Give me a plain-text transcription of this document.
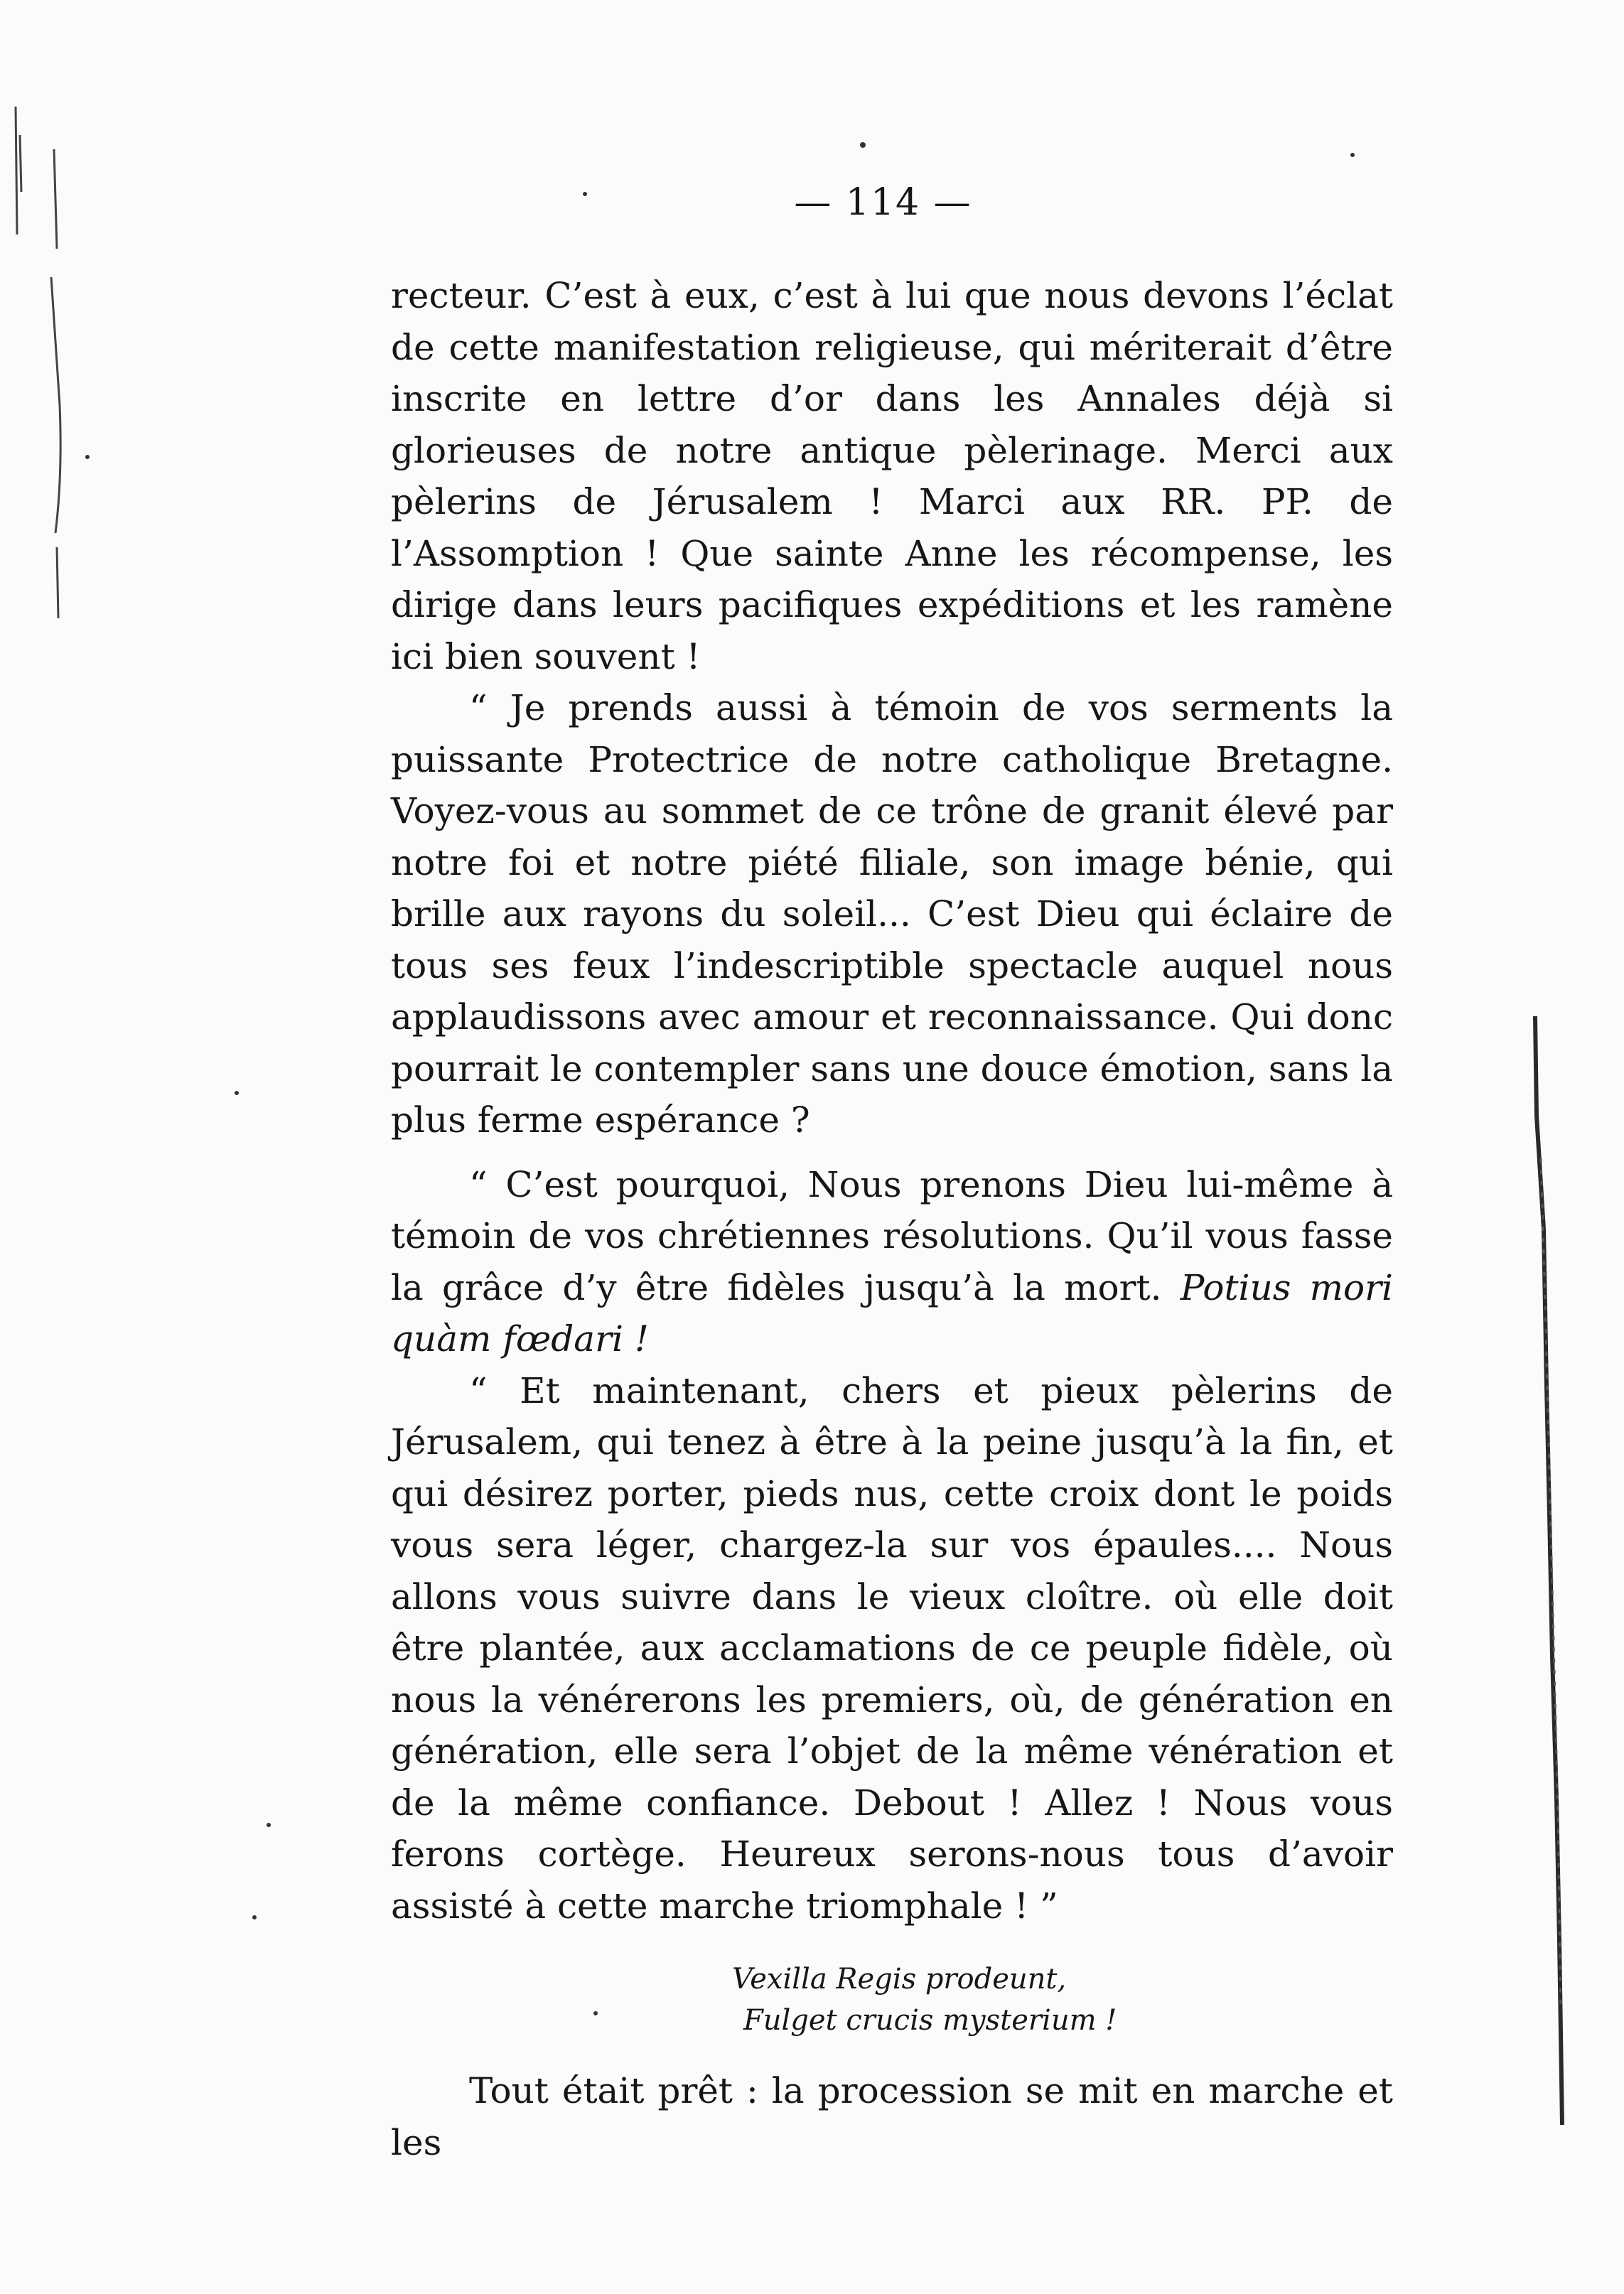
— 114 —

recteur. C’est à eux, c’est à lui que nous devons l’éclat de cette manifestation religieuse, qui mériterait d’être inscrite en lettre d’or dans les Annales déjà si glorieuses de notre antique pèlerinage. Merci aux pèlerins de Jérusalem ! Marci aux RR. PP. de l’Assomption ! Que sainte Anne les récompense, les dirige dans leurs pacifiques expéditions et les ramène ici bien souvent !

“ Je prends aussi à témoin de vos serments la puissante Protectrice de notre catholique Bretagne. Voyez-vous au sommet de ce trône de granit élevé par notre foi et notre piété filiale, son image bénie, qui brille aux rayons du soleil... C’est Dieu qui éclaire de tous ses feux l’indescriptible spectacle auquel nous applaudissons avec amour et reconnaissance. Qui donc pourrait le contempler sans une douce émotion, sans la plus ferme espérance ?

“ C’est pourquoi, Nous prenons Dieu lui-même à témoin de vos chrétiennes résolutions. Qu’il vous fasse la grâce d’y être fidèles jusqu’à la mort. Potius mori quàm fœdari !

“ Et maintenant, chers et pieux pèlerins de Jérusalem, qui tenez à être à la peine jusqu’à la fin, et qui désirez porter, pieds nus, cette croix dont le poids vous sera léger, chargez-la sur vos épaules.... Nous allons vous suivre dans le vieux cloître. où elle doit être plantée, aux acclamations de ce peuple fidèle, où nous la vénérerons les premiers, où, de génération en génération, elle sera l’objet de la même vénération et de la même confiance. Debout ! Allez ! Nous vous ferons cortège. Heureux serons-nous tous d’avoir assisté à cette marche triomphale ! ”

Vexilla Regis prodeunt,
Fulget crucis mysterium !

Tout était prêt : la procession se mit en marche et les
